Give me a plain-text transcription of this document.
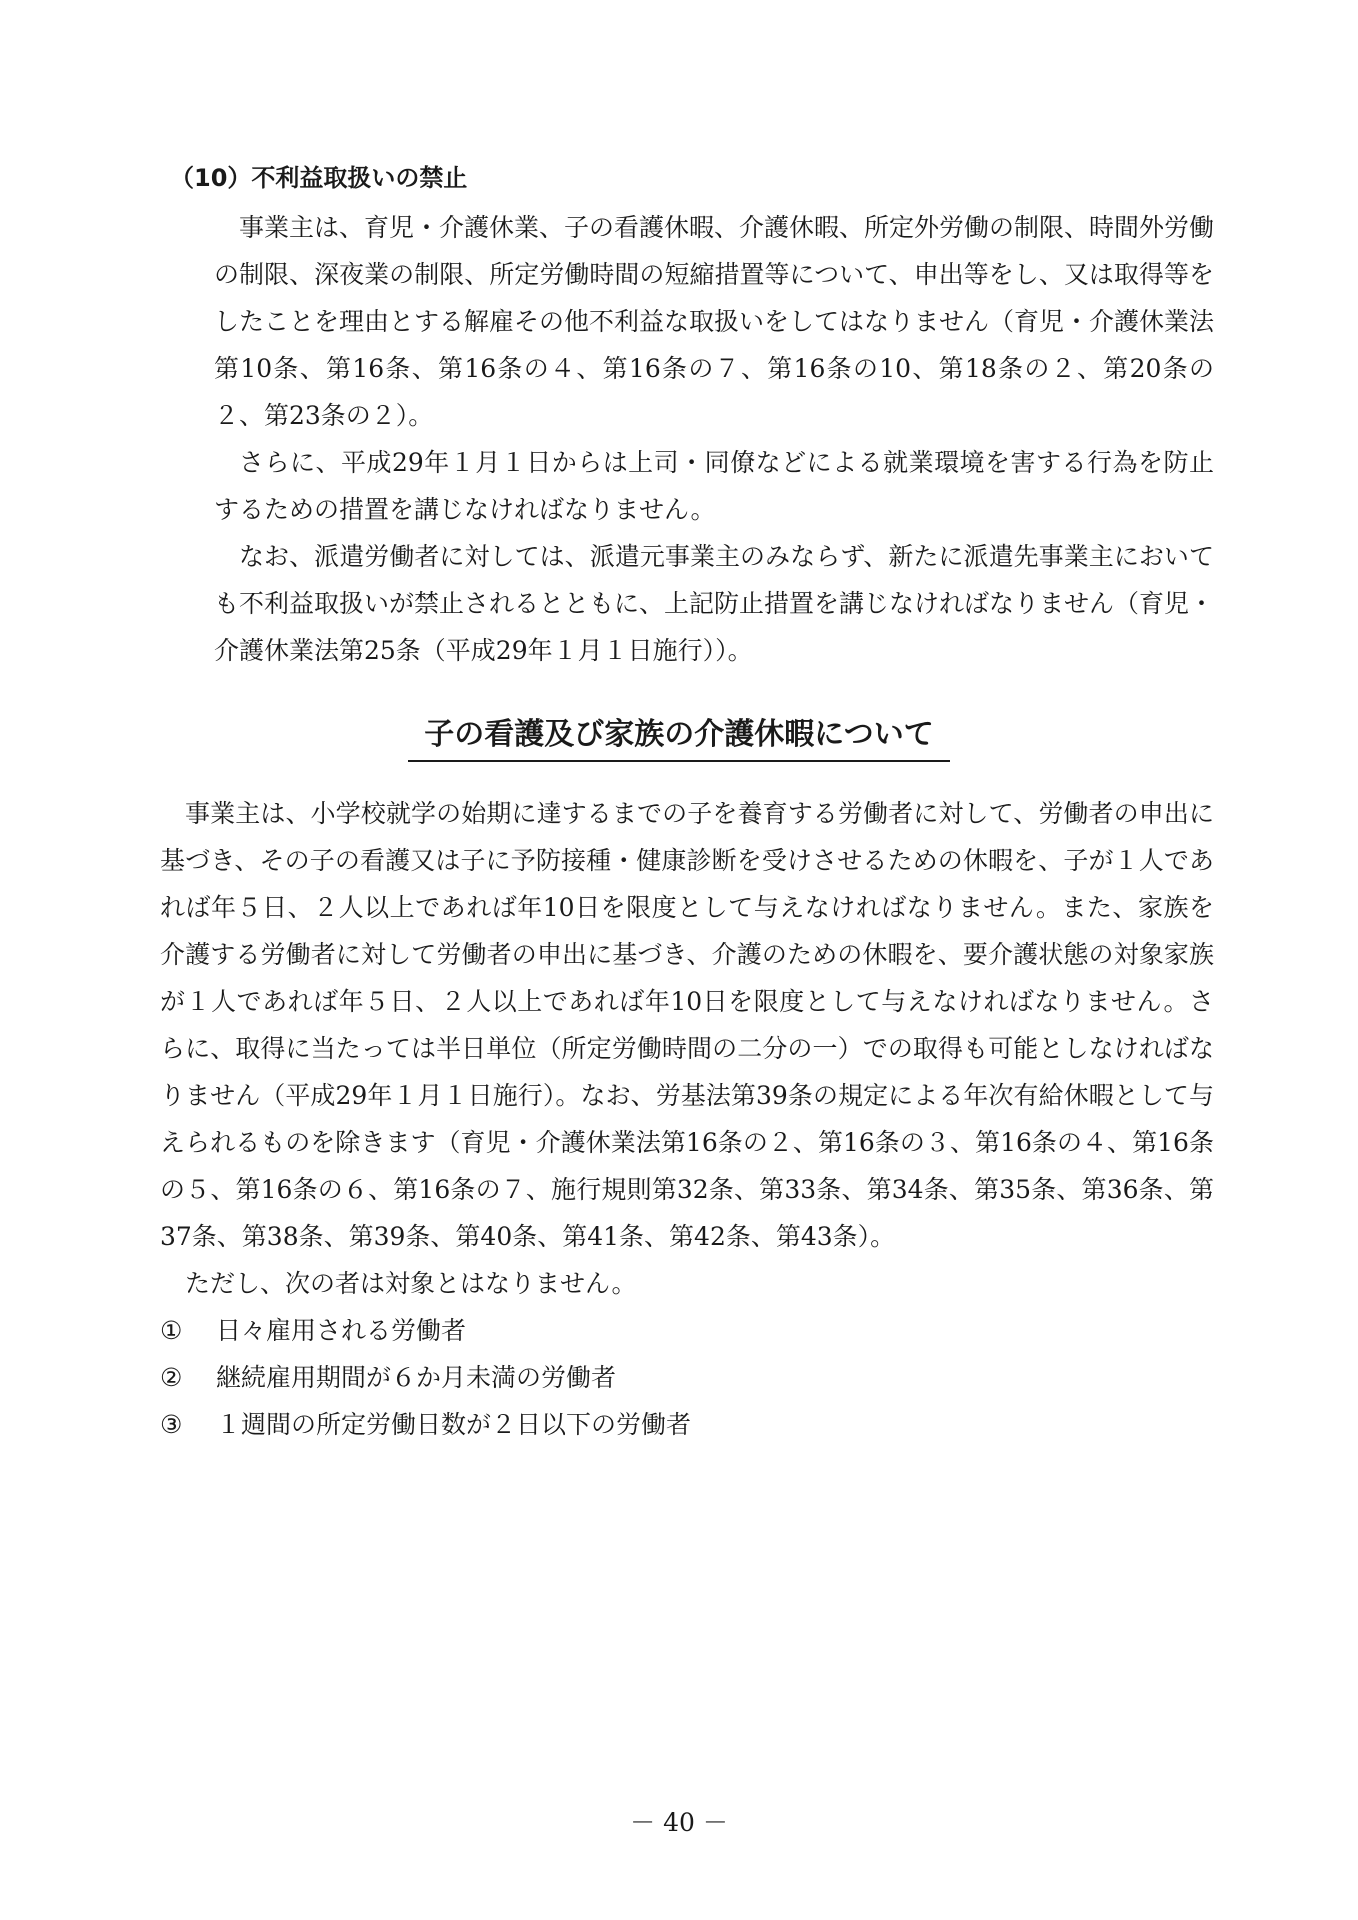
（10）不利益取扱いの禁止

事業主は、育児・介護休業、子の看護休暇、介護休暇、所定外労働の制限、時間外労働の制限、深夜業の制限、所定労働時間の短縮措置等について、申出等をし、又は取得等をしたことを理由とする解雇その他不利益な取扱いをしてはなりません（育児・介護休業法第10条、第16条、第16条の４、第16条の７、第16条の10、第18条の２、第20条の２、第23条の２）。

さらに、平成29年１月１日からは上司・同僚などによる就業環境を害する行為を防止するための措置を講じなければなりません。

なお、派遣労働者に対しては、派遣元事業主のみならず、新たに派遣先事業主においても不利益取扱いが禁止されるとともに、上記防止措置を講じなければなりません（育児・介護休業法第25条（平成29年１月１日施行））。

子の看護及び家族の介護休暇について

事業主は、小学校就学の始期に達するまでの子を養育する労働者に対して、労働者の申出に基づき、その子の看護又は子に予防接種・健康診断を受けさせるための休暇を、子が１人であれば年５日、２人以上であれば年10日を限度として与えなければなりません。また、家族を介護する労働者に対して労働者の申出に基づき、介護のための休暇を、要介護状態の対象家族が１人であれば年５日、２人以上であれば年10日を限度として与えなければなりません。さらに、取得に当たっては半日単位（所定労働時間の二分の一）での取得も可能としなければなりません（平成29年１月１日施行）。なお、労基法第39条の規定による年次有給休暇として与えられるものを除きます（育児・介護休業法第16条の２、第16条の３、第16条の４、第16条の５、第16条の６、第16条の７、施行規則第32条、第33条、第34条、第35条、第36条、第37条、第38条、第39条、第40条、第41条、第42条、第43条）。

ただし、次の者は対象とはなりません。

①	日々雇用される労働者
②	継続雇用期間が６か月未満の労働者
③	１週間の所定労働日数が２日以下の労働者
－ 40 －
